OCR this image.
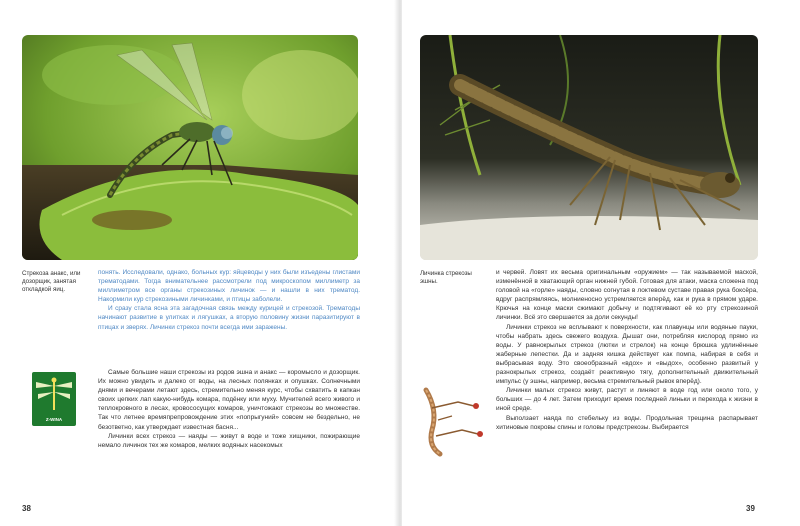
Стрекоза анакс, или дозорщик, занятая откладкой яиц.

понять. Исследовали, однако, больных кур: яйцеводы у них были изъедены глистами трематодами. Тогда внимательнее рассмотрели под микроскопом миллиметр за миллиметром все органы стрекозиных личинок — и нашли в них трематод. Накормили кур стрекозиными личинками, и птицы заболели.

И сразу стала ясна эта загадочная связь между курицей и стрекозой. Трематоды начинают развитие в улитках и лягушках, а вторую половину жизни паразитируют в птицах и зверях. Личинки стрекоз почти всегда ими заражены.

Z-WINA

Самые большие наши стрекозы из родов эшна и анакс — коромысло и дозорщик. Их можно увидеть и далеко от воды, на лесных полянках и опушках. Солнечными днями и вечерами летают здесь, стремительно меняя курс, чтобы схватить в капкан своих цепких лап какую-нибудь комара, подёнку или муху. Мучителей всего живого и теплокровного в лесах, кровососущих комаров, уничтожают стрекозы во множестве. Так что летнее времяпрепровождение этих «попрыгуний» совсем не бездельно, не безответно, как утверждает известная басня...

Личинки всех стрекоз — наяды — живут в воде и тоже хищники, пожирающие немало личинок тех же комаров, мелких водяных насекомых

38
Личинка стрекозы эшны.

и червей. Ловят их весьма оригинальным «оружием» — так называемой маской, изменённой в хватающий орган нижней губой. Готовая для атаки, маска сложена под головой на «горле» наяды, словно согнутая в локтевом суставе правая рука боксёра, вдруг распрямляясь, молниеносно устремляется вперёд, как и рука в прямом ударе. Крючья на конце маски сжимают добычу и подтягивают её ко рту стрекозиной личинки. Всё это свершается за доли секунды!

Личинки стрекоз не всплывают к поверхности, как плавунцы или водяные пауки, чтобы набрать здесь свежего воздуха. Дышат они, потребляя кислород прямо из воды. У равнокрылых стрекоз (лютки и стрелок) на конце брюшка удлинённые жаберные лепестки. Да и задняя кишка действует как помпа, набирая в себя и выбрасывая воду. Это своеобразный «вдох» и «выдох», особенно развитый у разнокрылых стрекоз, создаёт реактивную тягу, дополнительный движительный импульс (у эшны, например, весьма стремительный рывок вперёд).

Личинки малых стрекоз живут, растут и линяют в воде год или около того, у больших — до 4 лет. Затем приходит время последней линьки и перехода к жизни в иной среде.

Выползает наяда по стебельку из воды. Продольная трещина распарывает хитиновые покровы спины и головы предстрекозы. Выбирается

39
